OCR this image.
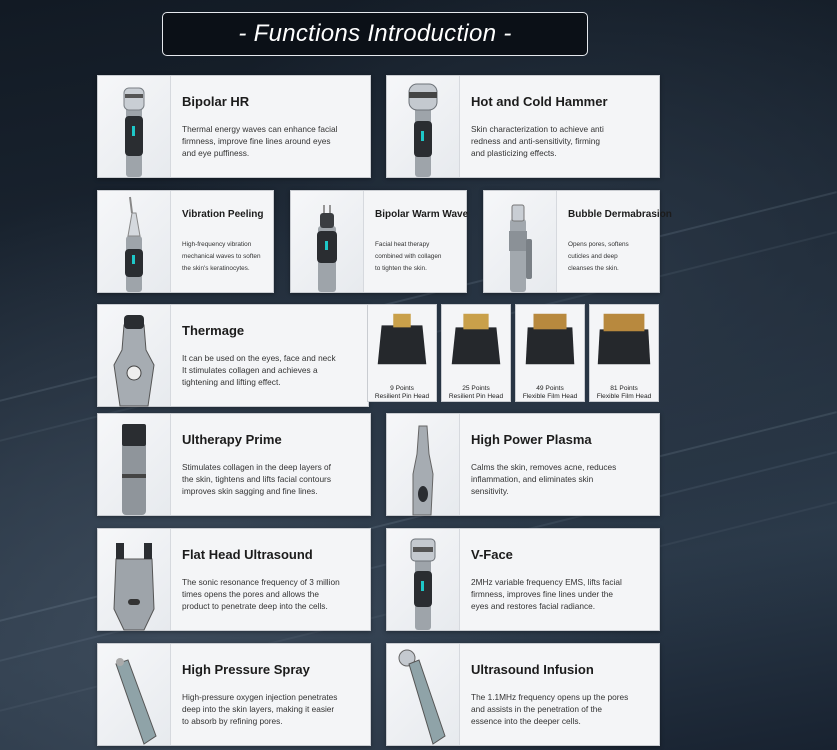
- Functions Introduction -
Bipolar HR
Thermal energy waves can enhance facial
firmness, improve fine lines around eyes
and eye puffiness.
Hot and Cold Hammer
Skin characterization to achieve anti
redness and anti-sensitivity, firming
and plasticizing effects.
Vibration Peeling
High-frequency vibration
mechanical waves to soften
the skin's keratinocytes.
Bipolar Warm Wave
Facial heat therapy
combined with collagen
to tighten the skin.
Bubble Dermabrasion
Opens pores, softens
cuticles and deep
cleanses the skin.
Thermage
It can be used on the eyes, face and neck
It stimulates collagen and achieves a
tightening and lifting effect.
9 Points
Resilient Pin Head
25 Points
Resilient Pin Head
49 Points
Flexible Film Head
81 Points
Flexible Film Head
Ultherapy Prime
Stimulates collagen in the deep layers of
the skin, tightens and lifts facial contours
improves skin sagging and fine lines.
High Power Plasma
Calms the skin, removes acne, reduces
inflammation, and eliminates skin
sensitivity.
Flat Head Ultrasound
The sonic resonance frequency of 3 million
times opens the pores and allows the
product to penetrate deep into the cells.
V-Face
2MHz variable frequency EMS, lifts facial
firmness, improves fine lines under the
eyes and restores facial radiance.
High Pressure Spray
High-pressure oxygen injection penetrates
deep into the skin layers, making it easier
to absorb by refining pores.
Ultrasound Infusion
The 1.1MHz frequency opens up the pores
and assists in the penetration of the
essence into the deeper cells.
